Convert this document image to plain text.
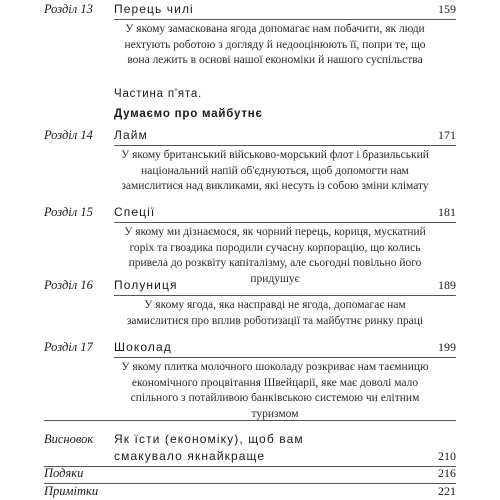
Розділ 13 Перець чилі	159
У якому замаскована ягода допомагає нам побачити, як люди нехтують роботою з догляду й недооцінюють її, попри те, що вона лежить в основі нашої економіки й нашого суспільства
Частина п'ята.
Думаємо про майбутнє
Розділ 14 Лайм	171
У якому британський військово-морський флот і бразильський національний напій об'єднуються, щоб допомогти нам замислитися над викликами, які несуть із собою зміни клімату
Розділ 15 Спеції	181
У якому ми дізнаємося, як чорний перець, кориця, мускатний горіх та гвоздика породили сучасну корпорацію, що колись привела до розквіту капіталізму, але сьогодні повільно його придушує
Розділ 16 Полуниця	189
У якому ягода, яка насправді не ягода, допомагає нам замислитися про вплив роботизації та майбутнє ринку праці
Розділ 17 Шоколад	199
У якому плитка молочного шоколаду розкриває нам таємницю економічного процвітання Швейцарії, яке має доволі мало спільного з потайливою банківською системою чи елітним туризмом
Висновок Як їсти (економіку), щоб вам
смакувало якнайкраще	210
Подяки	216
Примітки	221
